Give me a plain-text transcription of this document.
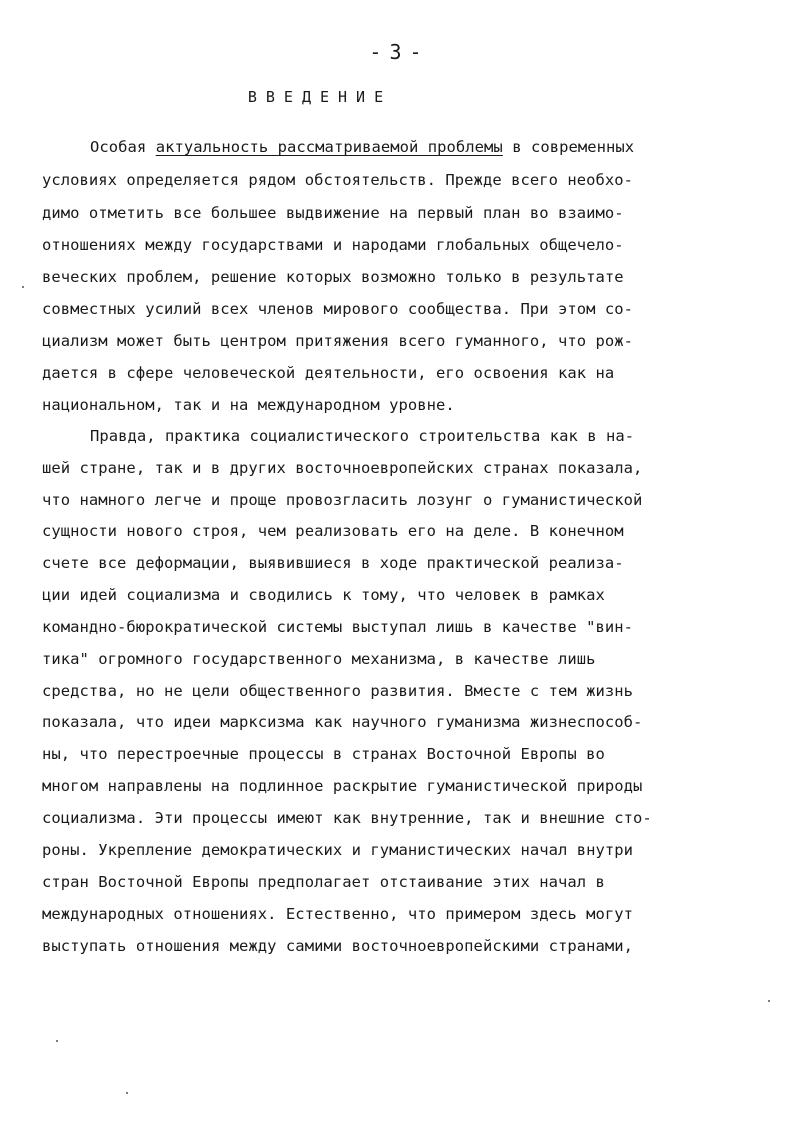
- 3 -
ВВЕДЕНИЕ
Особая актуальность рассматриваемой проблемы в современных
условиях определяется рядом обстоятельств. Прежде всего необхо-
димо отметить все большее выдвижение на первый план во взаимо-
отношениях между государствами и народами глобальных общечело-
веческих проблем, решение которых возможно только в результате
совместных усилий всех членов мирового сообщества. При этом со-
циализм может быть центром притяжения всего гуманного, что рож-
дается в сфере человеческой деятельности, его освоения как на
национальном, так и на международном уровне.
Правда, практика социалистического строительства как в на-
шей стране, так и в других восточноевропейских странах показала,
что намного легче и проще провозгласить лозунг о гуманистической
сущности нового строя, чем реализовать его на деле. В конечном
счете все деформации, выявившиеся в ходе практической реализа-
ции идей социализма и сводились к тому, что человек в рамках
командно-бюрократической системы выступал лишь в качестве "вин-
тика" огромного государственного механизма, в качестве лишь
средства, но не цели общественного развития. Вместе с тем жизнь
показала, что идеи марксизма как научного гуманизма жизнеспособ-
ны, что перестроечные процессы в странах Восточной Европы во
многом направлены на подлинное раскрытие гуманистической природы
социализма. Эти процессы имеют как внутренние, так и внешние сто-
роны. Укрепление демократических и гуманистических начал внутри
стран Восточной Европы предполагает отстаивание этих начал в
международных отношениях. Естественно, что примером здесь могут
выступать отношения между самими восточноевропейскими странами,
